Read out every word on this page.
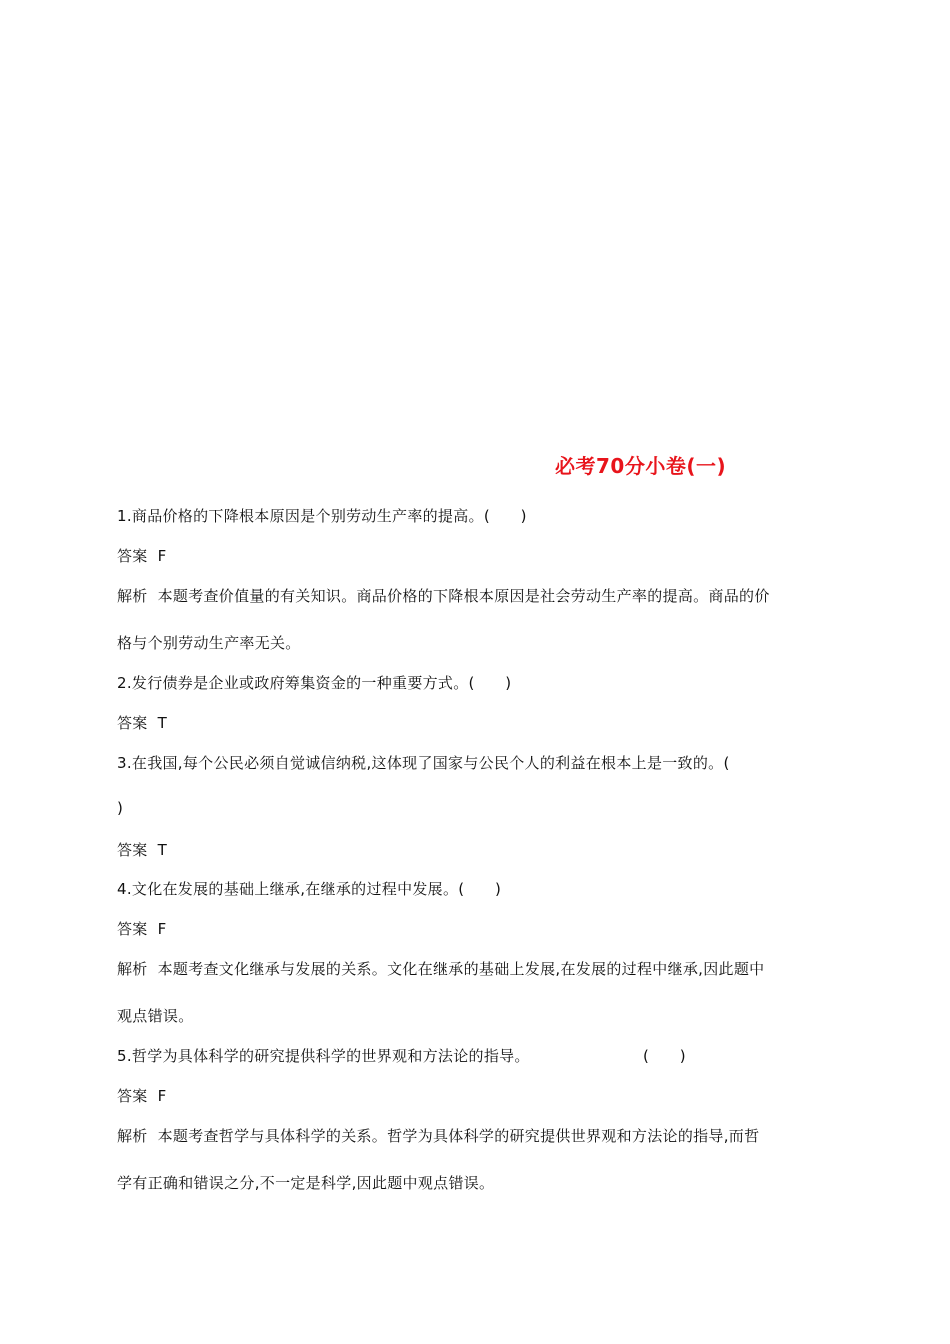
必考70分小卷(一)
1.商品价格的下降根本原因是个别劳动生产率的提高。(　　)
答案 F
解析 本题考查价值量的有关知识。商品价格的下降根本原因是社会劳动生产率的提高。商品的价
格与个别劳动生产率无关。
2.发行债券是企业或政府筹集资金的一种重要方式。(　　)
答案 T
3.在我国,每个公民必须自觉诚信纳税,这体现了国家与公民个人的利益在根本上是一致的。(
)
答案 T
4.文化在发展的基础上继承,在继承的过程中发展。(　　)
答案 F
解析 本题考查文化继承与发展的关系。文化在继承的基础上发展,在发展的过程中继承,因此题中
观点错误。
5.哲学为具体科学的研究提供科学的世界观和方法论的指导。	(　　)
答案 F
解析 本题考查哲学与具体科学的关系。哲学为具体科学的研究提供世界观和方法论的指导,而哲
学有正确和错误之分,不一定是科学,因此题中观点错误。
